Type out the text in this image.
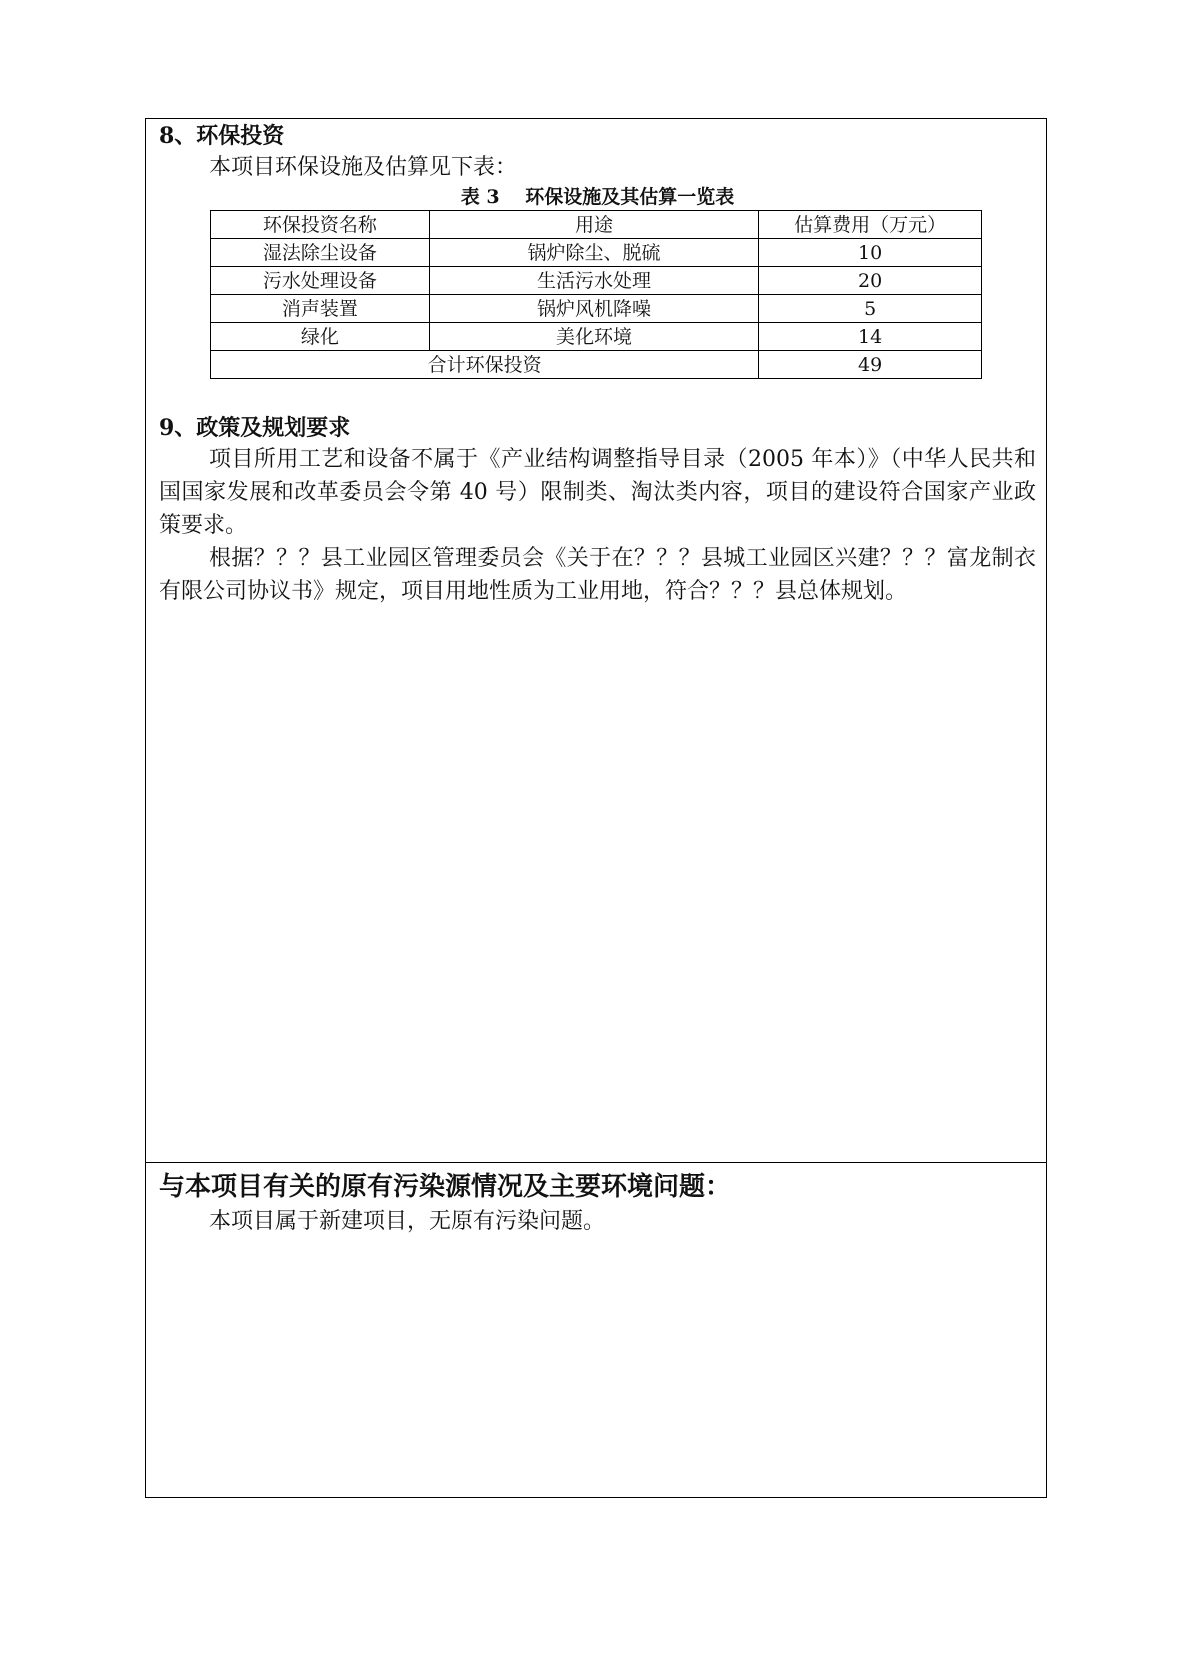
8、环保投资
本项目环保设施及估算见下表：
表 3　 环保设施及其估算一览表
环保投资名称	用途	估算费用（万元）
湿法除尘设备	锅炉除尘、脱硫	10
污水处理设备	生活污水处理	20
消声装置	锅炉风机降噪	5
绿化	美化环境	14
合计环保投资		49
9、政策及规划要求
项目所用工艺和设备不属于《产业结构调整指导目录（2005 年本）》（中华人民共和国国家发展和改革委员会令第 40 号）限制类、淘汰类内容，项目的建设符合国家产业政策要求。
根据？？？县工业园区管理委员会《关于在？？？县城工业园区兴建？？？富龙制衣有限公司协议书》规定，项目用地性质为工业用地，符合？？？县总体规划。
与本项目有关的原有污染源情况及主要环境问题：
本项目属于新建项目，无原有污染问题。
